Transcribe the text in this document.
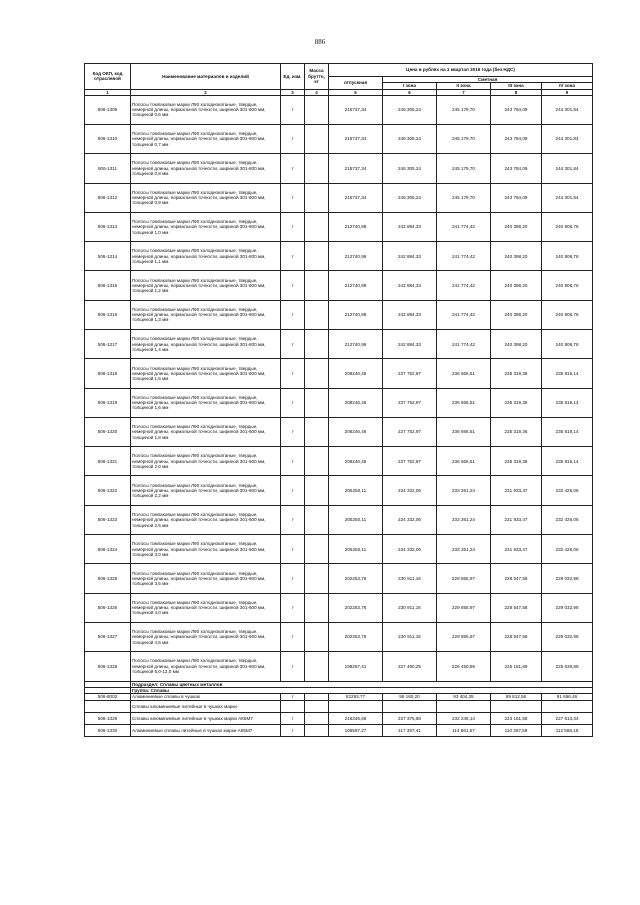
886
Код ОКП, код отраслевой	Наименование материалов и изделий	Ед. изм.	Масса брутто, кг	Цена в рублях на 1 квартал 2016 года (без НДС)				
				отпускная	Сметная			
					I зона	II зона	III зона	IV зона
1	2	3	4	5	6	7	8	9
506-1309	Полосы томпаковые марки Л90 холоднокатаные, твердые, немерной длины, нормальной точности, шириной 301-600 мм, толщиной 0,6 мм	т		215737,34	246 305,24	245 179,70	243 784,09	244 301,84
506-1310	Полосы томпаковые марки Л90 холоднокатаные, твердые, немерной длины, нормальной точности, шириной 301-600 мм, толщиной 0,7 мм	т		215737,34	246 305,24	245 179,70	243 784,09	244 301,84
506-1311	Полосы томпаковые марки Л90 холоднокатаные, твердые, немерной длины, нормальной точности, шириной 301-600 мм, толщиной 0,8 мм	т		215737,34	246 305,24	245 179,70	243 784,09	244 301,84
506-1312	Полосы томпаковые марки Л90 холоднокатаные, твердые, немерной длины, нормальной точности, шириной 301-600 мм, толщиной 0,9 мм	т		215737,34	246 305,24	245 179,70	243 784,09	244 301,84
506-1313	Полосы томпаковые марки Л90 холоднокатаные, твердые, немерной длины, нормальной точности, шириной 301-600 мм, толщиной 1,0 мм	т		212740,99	242 884,33	241 774,42	240 398,20	240 908,76
506-1314	Полосы томпаковые марки Л90 холоднокатаные, твердые, немерной длины, нормальной точности, шириной 301-600 мм, толщиной 1,1 мм	т		212740,99	242 884,33	241 774,42	240 398,20	240 908,76
506-1315	Полосы томпаковые марки Л90 холоднокатаные, твердые, немерной длины, нормальной точности, шириной 301-600 мм, толщиной 1,2 мм	т		212740,99	242 884,33	241 774,42	240 398,20	240 908,76
506-1316	Полосы томпаковые марки Л90 холоднокатаные, твердые, немерной длины, нормальной точности, шириной 301-600 мм, толщиной 1,3 мм	т		212740,99	242 884,33	241 774,42	240 398,20	240 908,76
506-1317	Полосы томпаковые марки Л90 холоднокатаные, твердые, немерной длины, нормальной точности, шириной 301-600 мм, толщиной 1,4 мм	т		212740,99	242 884,33	241 774,42	240 398,20	240 908,76
506-1318	Полосы томпаковые марки Л90 холоднокатаные, твердые, немерной длины, нормальной точности, шириной 301-600 мм, толщиной 1,5 мм	т		208246,46	237 752,97	236 666,51	235 319,36	235 819,14
506-1319	Полосы томпаковые марки Л90 холоднокатаные, твердые, немерной длины, нормальной точности, шириной 301-600 мм, толщиной 1,6 мм	т		208246,46	237 752,97	236 666,51	235 319,36	235 819,14
506-1320	Полосы томпаковые марки Л90 холоднокатаные, твердые, немерной длины, нормальной точности, шириной 301-600 мм, толщиной 1,8 мм	т		208246,46	237 752,97	236 666,51	235 319,36	235 819,14
506-1321	Полосы томпаковые марки Л90 холоднокатаные, твердые, немерной длины, нормальной точности, шириной 301-600 мм, толщиной 2,0 мм	т		208246,46	237 752,97	236 666,51	235 319,36	235 819,14
506-1322	Полосы томпаковые марки Л90 холоднокатаные, твердые, немерной длины, нормальной точности, шириной 301-600 мм, толщиной 2,2 мм	т		205250,11	234 332,06	233 261,24	231 933,47	232 426,06
506-1323	Полосы томпаковые марки Л90 холоднокатаные, твердые, немерной длины, нормальной точности, шириной 301-600 мм, толщиной 2,5 мм	т		205250,11	234 332,06	233 261,24	231 933,47	232 426,06
506-1324	Полосы томпаковые марки Л90 холоднокатаные, твердые, немерной длины, нормальной точности, шириной 301-600 мм, толщиной 3,0 мм	т		205250,11	234 332,06	233 261,24	231 933,47	232 426,06
506-1325	Полосы томпаковые марки Л90 холоднокатаные, твердые, немерной длины, нормальной точности, шириной 301-600 мм, толщиной 3,5 мм	т		202253,76	230 911,16	229 855,97	228 547,58	229 032,98
506-1326	Полосы томпаковые марки Л90 холоднокатаные, твердые, немерной длины, нормальной точности, шириной 301-600 мм, толщиной 4,0 мм	т		202253,76	230 911,16	229 855,97	228 547,58	229 032,98
506-1327	Полосы томпаковые марки Л90 холоднокатаные, твердые, немерной длины, нормальной точности, шириной 301-600 мм, толщиной 4,5 мм	т		202253,76	230 911,16	229 855,97	228 547,58	229 032,98
506-1328	Полосы томпаковые марки Л90 холоднокатаные, твердые, немерной длины, нормальной точности, шириной 301-600 мм, толщиной 5,0-12,0 мм	т		199257,41	227 490,25	226 450,69	225 161,69	225 639,89
	Подраздел: Сплавы цветных металлов							
	Группа: Сплавы							
506-8002	Алюминиевые сплавы в чушках	т		82293,77	95 160,20	93 404,35	89 812,56	91 656,46
	Сплавы алюминиевые литейные в чушках марки							
506-1329	Сплавы алюминиевые литейные в чушках марки АК5М7	т		216346,66	237 375,58	232 248,14	223 151,58	227 613,34
506-1330	Алюминиевые сплавы литейные в чушках марки АК5М7	т		106597,27	117 397,41	114 861,57	110 367,59	112 568,15
